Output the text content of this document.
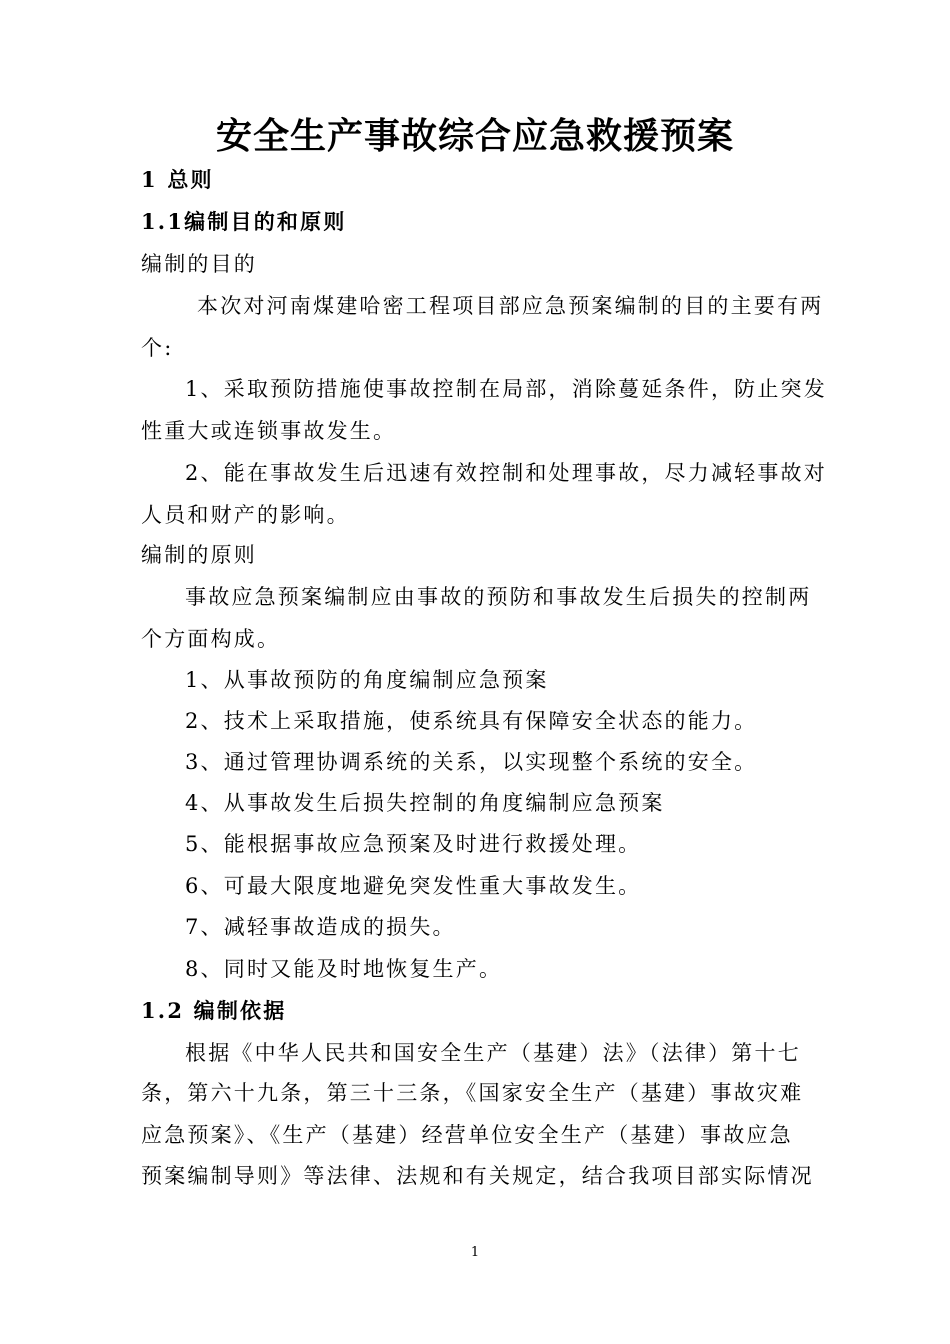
安全生产事故综合应急救援预案
1 总则
1.1编制目的和原则
编制的目的
本次对河南煤建哈密工程项目部应急预案编制的目的主要有两
个:
1、采取预防措施使事故控制在局部，消除蔓延条件，防止突发
性重大或连锁事故发生。
2、能在事故发生后迅速有效控制和处理事故，尽力减轻事故对
人员和财产的影响。
编制的原则
事故应急预案编制应由事故的预防和事故发生后损失的控制两
个方面构成。
1、从事故预防的角度编制应急预案
2、技术上采取措施，使系统具有保障安全状态的能力。
3、通过管理协调系统的关系，以实现整个系统的安全。
4、从事故发生后损失控制的角度编制应急预案
5、能根据事故应急预案及时进行救援处理。
6、可最大限度地避免突发性重大事故发生。
7、减轻事故造成的损失。
8、同时又能及时地恢复生产。
1.2 编制依据
根据《中华人民共和国安全生产（基建）法》（法律）第十七
条，第六十九条，第三十三条，《国家安全生产（基建）事故灾难
应急预案》、《生产（基建）经营单位安全生产（基建）事故应急
预案编制导则》等法律、法规和有关规定，结合我项目部实际情况
1
